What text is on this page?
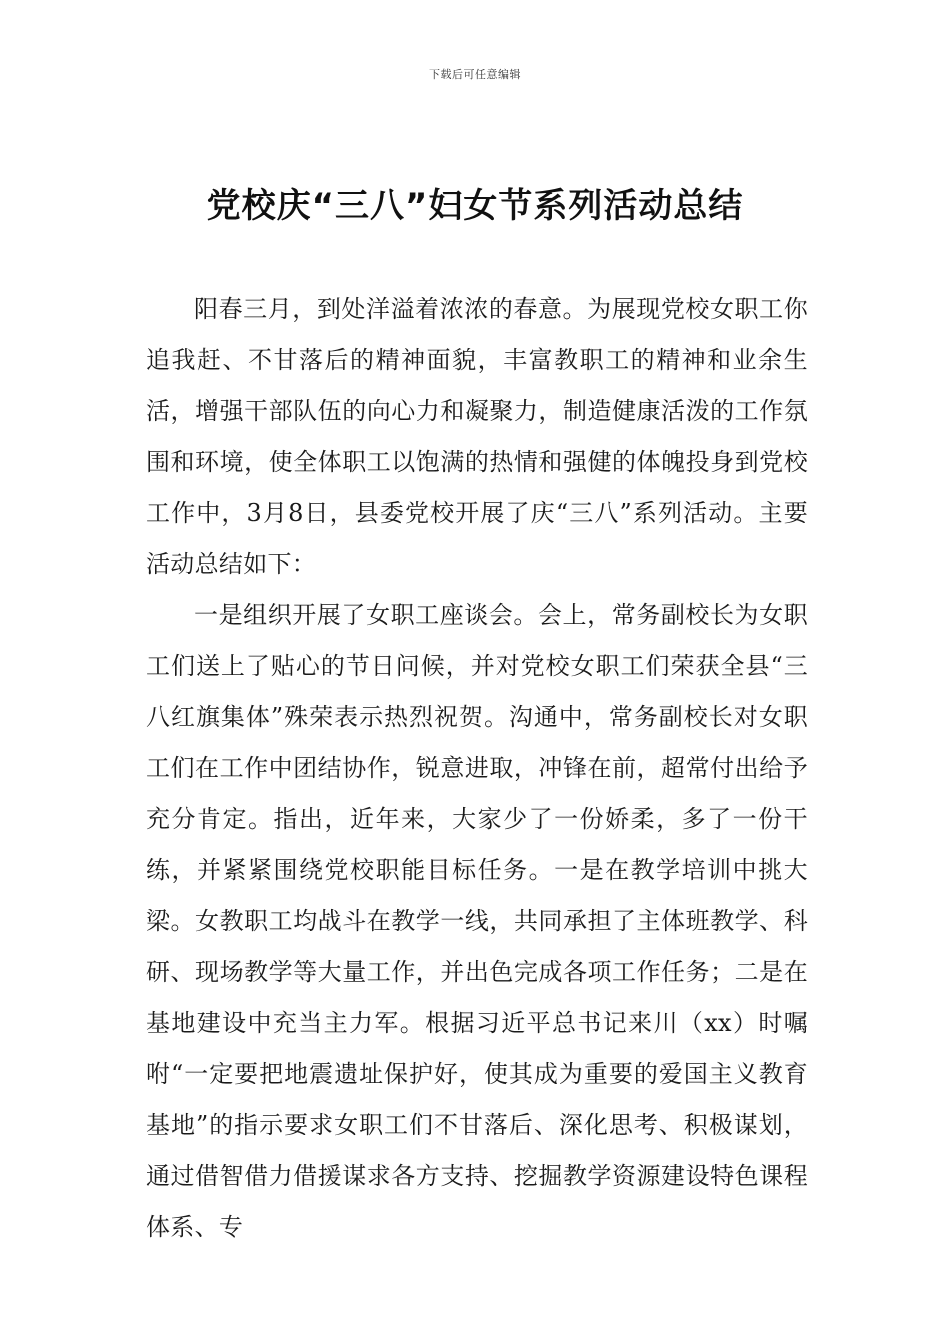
下载后可任意编辑
党校庆“三八”妇女节系列活动总结

阳春三月，到处洋溢着浓浓的春意。为展现党校女职工你追我赶、不甘落后的精神面貌，丰富教职工的精神和业余生活，增强干部队伍的向心力和凝聚力，制造健康活泼的工作氛围和环境，使全体职工以饱满的热情和强健的体魄投身到党校工作中，3月8日，县委党校开展了庆“三八”系列活动。主要活动总结如下：

一是组织开展了女职工座谈会。会上，常务副校长为女职工们送上了贴心的节日问候，并对党校女职工们荣获全县“三八红旗集体”殊荣表示热烈祝贺。沟通中，常务副校长对女职工们在工作中团结协作，锐意进取，冲锋在前，超常付出给予充分肯定。指出，近年来，大家少了一份娇柔，多了一份干练，并紧紧围绕党校职能目标任务。一是在教学培训中挑大梁。女教职工均战斗在教学一线，共同承担了主体班教学、科研、现场教学等大量工作，并出色完成各项工作任务；二是在基地建设中充当主力军。根据习近平总书记来川（xx）时嘱咐“一定要把地震遗址保护好，使其成为重要的爱国主义教育基地”的指示要求女职工们不甘落后、深化思考、积极谋划，通过借智借力借援谋求各方支持、挖掘教学资源建设特色课程体系、专
